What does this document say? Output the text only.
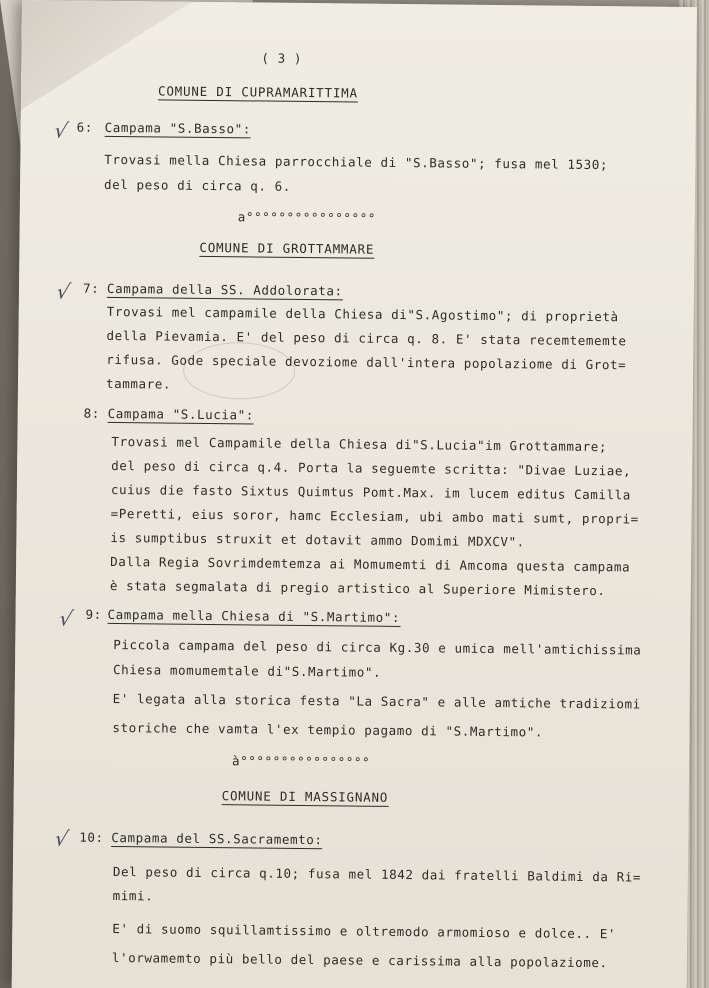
( 3 )
COMUNE DI CUPRAMARITTIMA
√ 6: Campama "S.Basso":
Trovasi mella Chiesa parrocchiale di "S.Basso"; fusa mel 1530;
del peso di circa q. 6.
a°°°°°°°°°°°°°°°°
COMUNE DI GROTTAMMARE
√ 7: Campama della SS. Addolorata:
Trovasi mel campamile della Chiesa di"S.Agostimo"; di proprietà
della Pievamia. E' del peso di circa q. 8. E' stata recemtememte
rifusa. Gode speciale devoziome dall'intera popolaziome di Grot=
tammare.
8: Campama "S.Lucia":
Trovasi mel Campamile della Chiesa di"S.Lucia"im Grottammare;
del peso di circa q.4. Porta la seguemte scritta: "Divae Luziae,
cuius die fasto Sixtus Quimtus Pomt.Max. im lucem editus Camilla
=Peretti, eius soror, hamc Ecclesiam, ubi ambo mati sumt, propri=
is sumptibus struxit et dotavit ammo Domimi MDXCV".
Dalla Regia Sovrimdemtemza ai Momumemti di Amcoma questa campama
è stata segmalata di pregio artistico al Superiore Mimistero.
√ 9: Campama mella Chiesa di "S.Martimo":
Piccola campama del peso di circa Kg.30 e umica mell'amtichissima
Chiesa momumemtale di"S.Martimo".
E' legata alla storica festa "La Sacra" e alle amtiche tradiziomi
storiche che vamta l'ex tempio pagamo di "S.Martimo".
à°°°°°°°°°°°°°°°°
COMUNE DI MASSIGNANO
√ 10: Campama del SS.Sacramemto:
Del peso di circa q.10; fusa mel 1842 dai fratelli Baldimi da Ri=
mimi.
E' di suomo squillamtissimo e oltremodo armomioso e dolce.. E'
l'orwamemto più bello del paese e carissima alla popolaziome.
